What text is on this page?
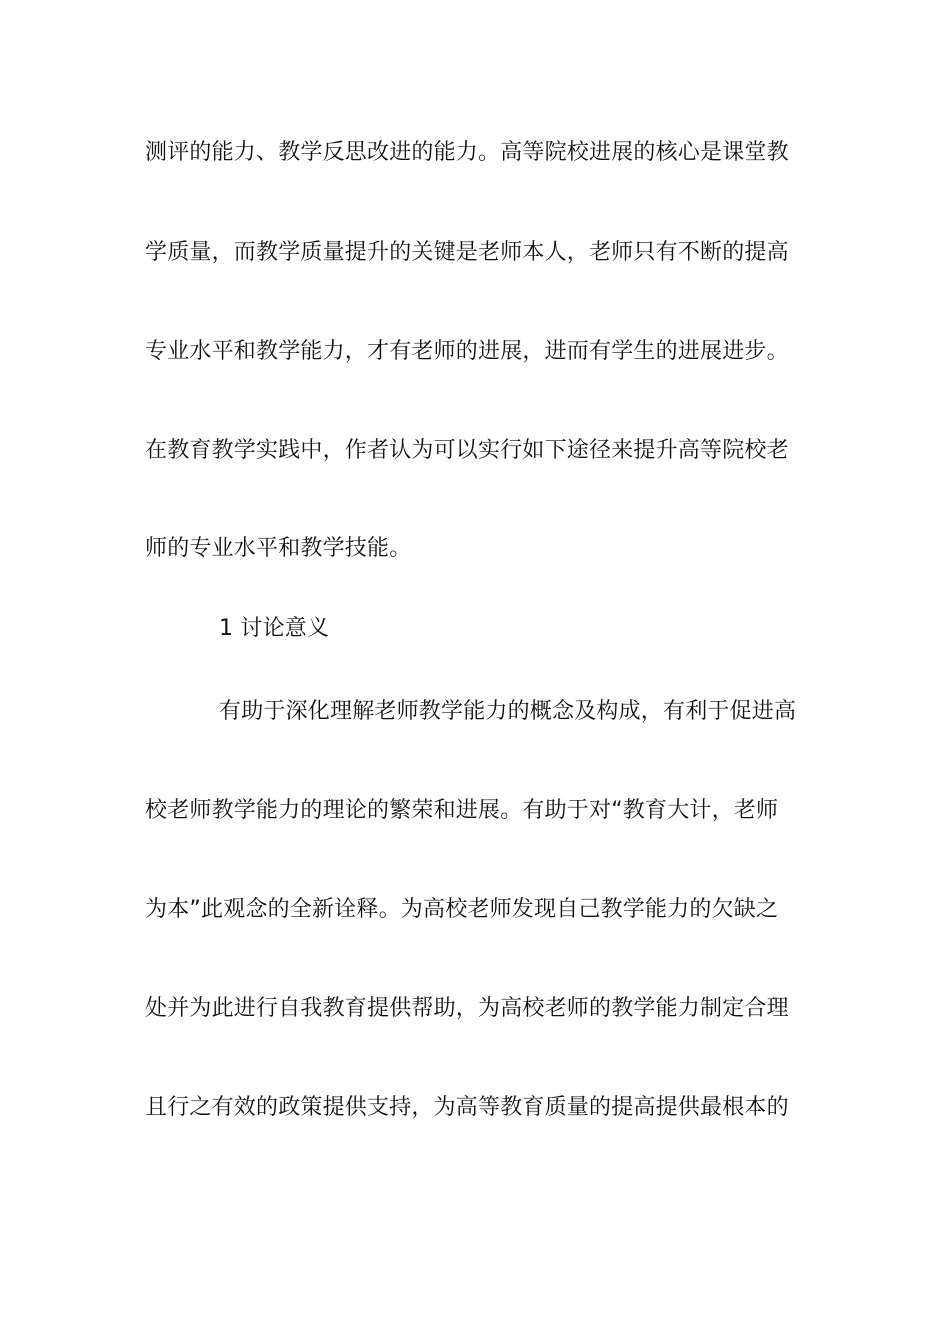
测评的能力、教学反思改进的能力。高等院校进展的核心是课堂教
学质量，而教学质量提升的关键是老师本人，老师只有不断的提高
专业水平和教学能力，才有老师的进展，进而有学生的进展进步。
在教育教学实践中，作者认为可以实行如下途径来提升高等院校老
师的专业水平和教学技能。
1 讨论意义
有助于深化理解老师教学能力的概念及构成，有利于促进高
校老师教学能力的理论的繁荣和进展。有助于对“教育大计，老师
为本”此观念的全新诠释。为高校老师发现自己教学能力的欠缺之
处并为此进行自我教育提供帮助，为高校老师的教学能力制定合理
且行之有效的政策提供支持，为高等教育质量的提高提供最根本的
